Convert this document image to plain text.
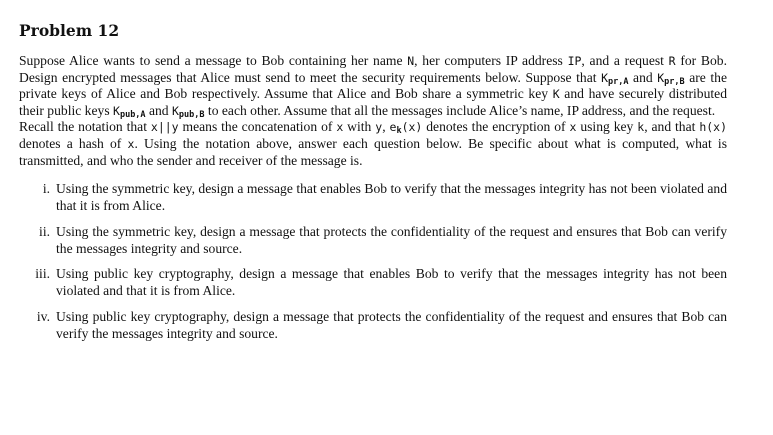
Problem 12

Suppose Alice wants to send a message to Bob containing her name N, her computers IP address IP, and a request R for Bob. Design encrypted messages that Alice must send to meet the security requirements below. Suppose that $K_{pr,A}$ and $K_{pr,B}$ are the private keys of Alice and Bob respectively. Assume that Alice and Bob share a symmetric key K and have securely distributed their public keys $K_{pub,A}$ and $K_{pub,B}$ to each other. Assume that all the messages include Alice’s name, IP address, and the request.

Recall the notation that x||y means the concatenation of x with y, $e_k(x)$ denotes the encryption of x using key k, and that h(x) denotes a hash of x. Using the notation above, answer each question below. Be specific about what is computed, what is transmitted, and who the sender and receiver of the message is.

i. Using the symmetric key, design a message that enables Bob to verify that the messages integrity has not been violated and that it is from Alice.
ii. Using the symmetric key, design a message that protects the confidentiality of the request and ensures that Bob can verify the messages integrity and source.
iii. Using public key cryptography, design a message that enables Bob to verify that the messages integrity has not been violated and that it is from Alice.
iv. Using public key cryptography, design a message that protects the confidentiality of the request and ensures that Bob can verify the messages integrity and source.
